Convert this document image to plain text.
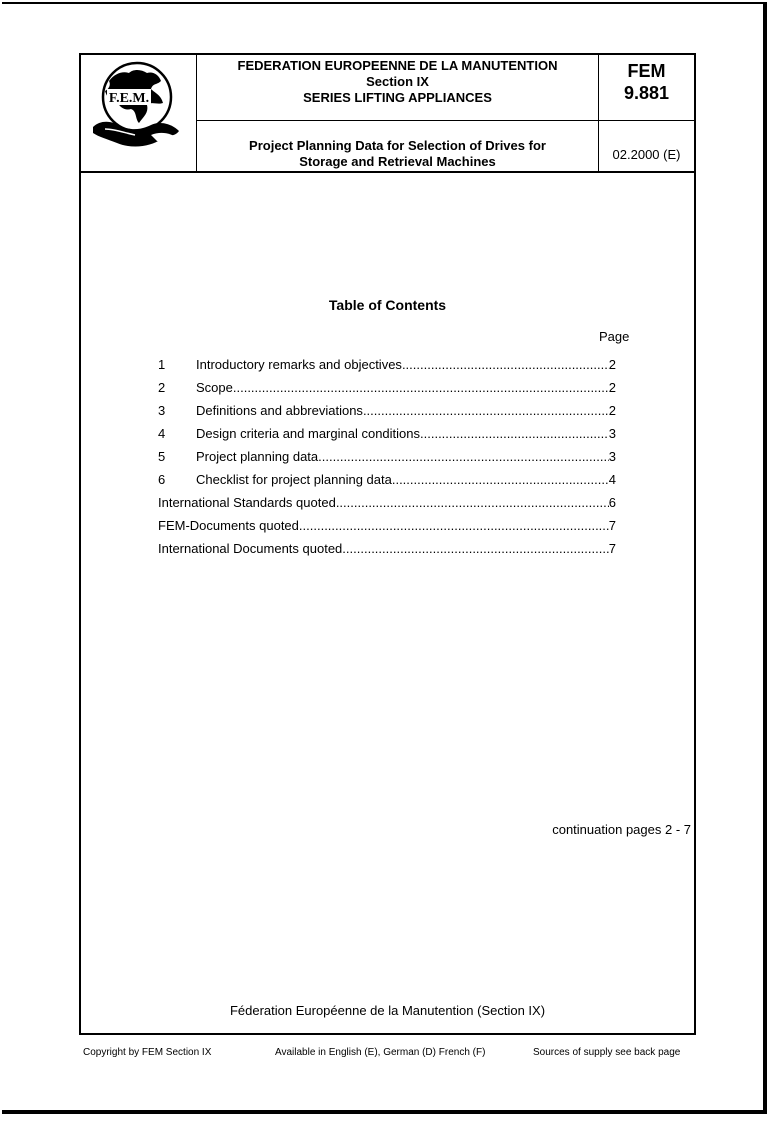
F.E.M.
FEDERATION EUROPEENNE DE LA MANUTENTION
Section IX
SERIES LIFTING APPLIANCES
FEM
9.881
Project Planning Data for Selection of Drives for
Storage and Retrieval Machines	02.2000 (E)
Table of Contents
Page
1	Introductory remarks and objectives .....	2
2	Scope .....	2
3	Definitions and abbreviations .....	2
4	Design criteria and marginal conditions .....	3
5	Project planning data .....	3
6	Checklist for project planning data .....	4
International Standards quoted .....	6
FEM-Documents quoted .....	7
International Documents quoted .....	7
continuation pages 2 - 7
Féderation Européenne de la Manutention (Section IX)
Copyright by FEM Section IX	Available in English (E), German (D) French (F)	Sources of supply see back page
